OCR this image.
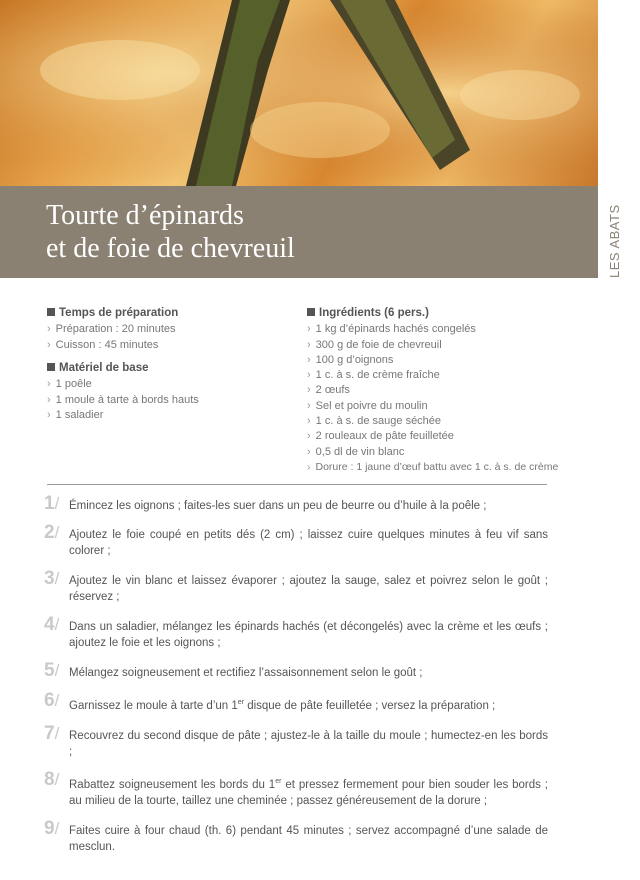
Tourte d’épinards
et de foie de chevreuil	LES ABATS
Temps de préparation
› Préparation : 20 minutes
› Cuisson : 45 minutes
Matériel de base
› 1 poêle
› 1 moule à tarte à bords hauts
› 1 saladier
Ingrédients (6 pers.)
› 1 kg d’épinards hachés congelés
› 300 g de foie de chevreuil
› 100 g d’oignons
› 1 c. à s. de crème fraîche
› 2 œufs
› Sel et poivre du moulin
› 1 c. à s. de sauge séchée
› 2 rouleaux de pâte feuilletée
› 0,5 dl de vin blanc
› Dorure : 1 jaune d’œuf battu avec 1 c. à s. de crème
1/ Émincez les oignons ; faites-les suer dans un peu de beurre ou d’huile à la poêle ;

2/ Ajoutez le foie coupé en petits dés (2 cm) ; laissez cuire quelques minutes à feu vif sans colorer ;

3/ Ajoutez le vin blanc et laissez évaporer ; ajoutez la sauge, salez et poivrez selon le goût ; réservez ;

4/ Dans un saladier, mélangez les épinards hachés (et décongelés) avec la crème et les œufs ; ajoutez le foie et les oignons ;

5/ Mélangez soigneusement et rectifiez l’assaisonnement selon le goût ;

6/ Garnissez le moule à tarte d’un 1er disque de pâte feuilletée ; versez la préparation ;

7/ Recouvrez du second disque de pâte ; ajustez-le à la taille du moule ; humectez-en les bords ;

8/ Rabattez soigneusement les bords du 1er et pressez fermement pour bien souder les bords ; au milieu de la tourte, taillez une cheminée ; passez généreusement de la dorure ;

9/ Faites cuire à four chaud (th. 6) pendant 45 minutes ; servez accompagné d’une salade de mesclun.
